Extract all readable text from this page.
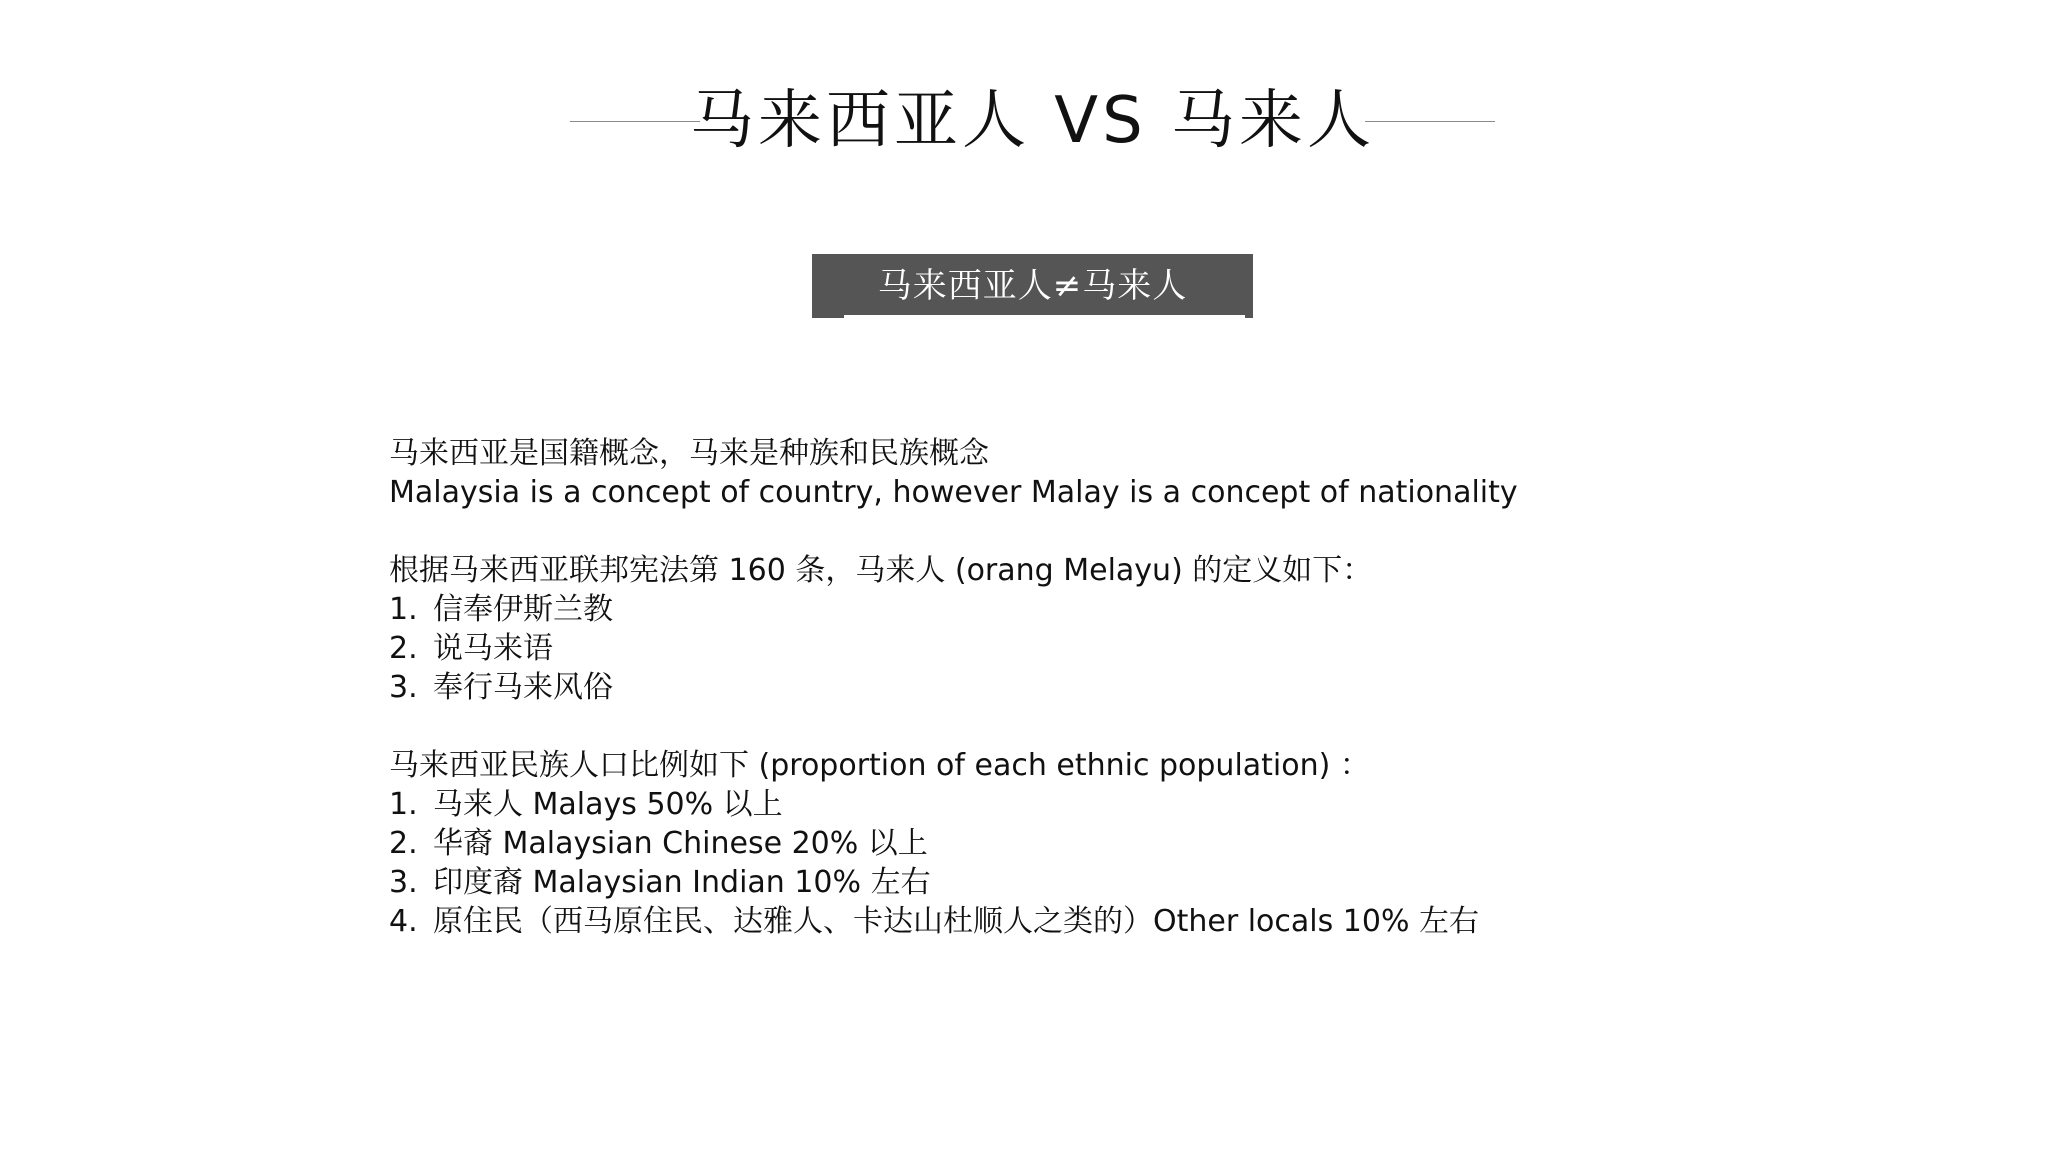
马来西亚人 VS 马来人
马来西亚人≠马来人

马来西亚是国籍概念，马来是种族和民族概念

Malaysia is a concept of country, however Malay is a concept of nationality

根据马来西亚联邦宪法第 160 条，马来人 (orang Melayu) 的定义如下：

1. 信奉伊斯兰教

2. 说马来语

3. 奉行马来风俗

马来西亚民族人口比例如下 (proportion of each ethnic population) ：

1. 马来人 Malays 50% 以上

2. 华裔 Malaysian Chinese 20% 以上

3. 印度裔 Malaysian Indian 10% 左右

4. 原住民（西马原住民、达雅人、卡达山杜顺人之类的）Other locals 10% 左右
